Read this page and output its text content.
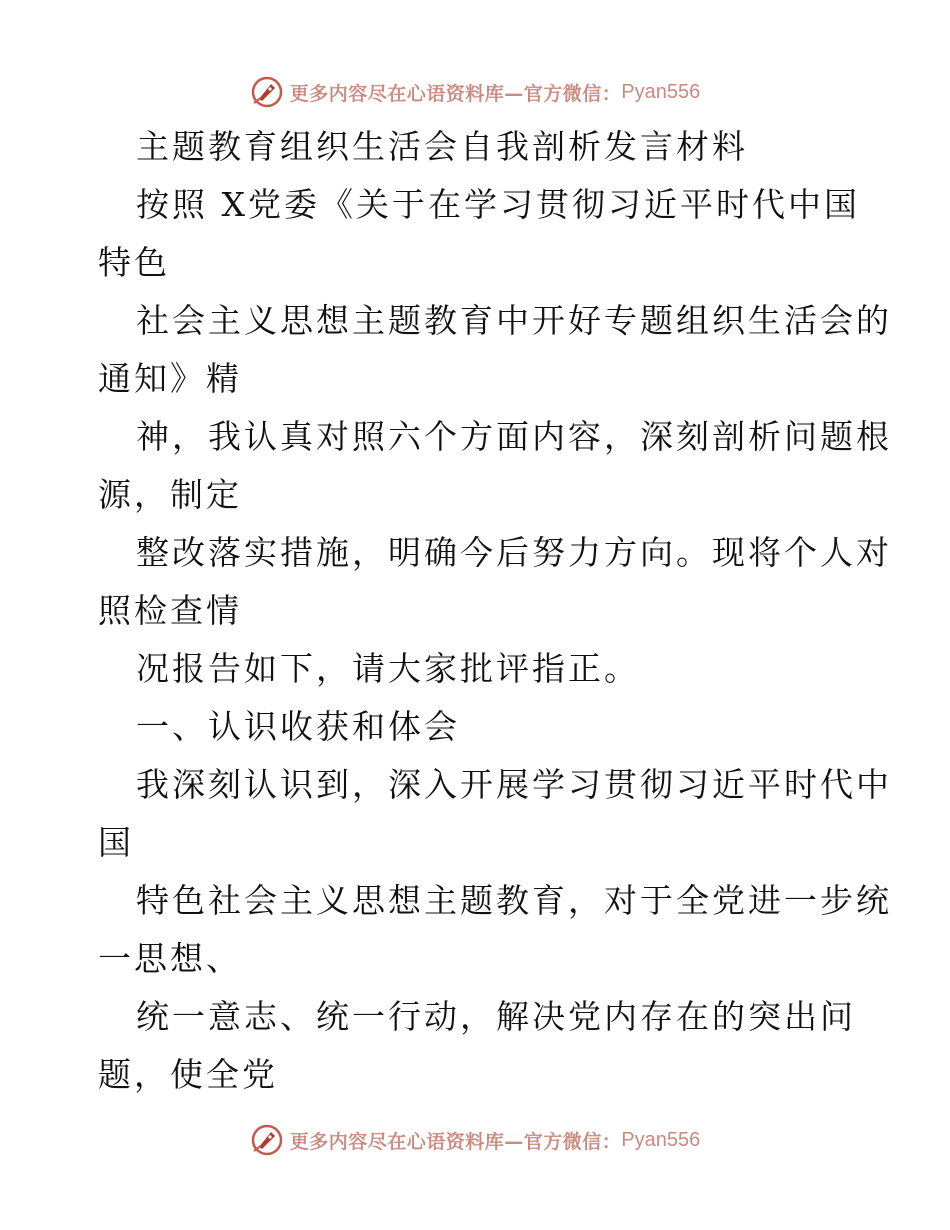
更多内容尽在心语资料库—官方微信： Pyan556
主题教育组织生活会自我剖析发言材料
按照 X党委《关于在学习贯彻习近平时代中国
特色
社会主义思想主题教育中开好专题组织生活会的
通知》精
神，我认真对照六个方面内容，深刻剖析问题根
源，制定
整改落实措施，明确今后努力方向。现将个人对
照检查情
况报告如下，请大家批评指正。
一、认识收获和体会
我深刻认识到，深入开展学习贯彻习近平时代中
国
特色社会主义思想主题教育，对于全党进一步统
一思想、
统一意志、统一行动，解决党内存在的突出问
题，使全党
更多内容尽在心语资料库—官方微信： Pyan556
